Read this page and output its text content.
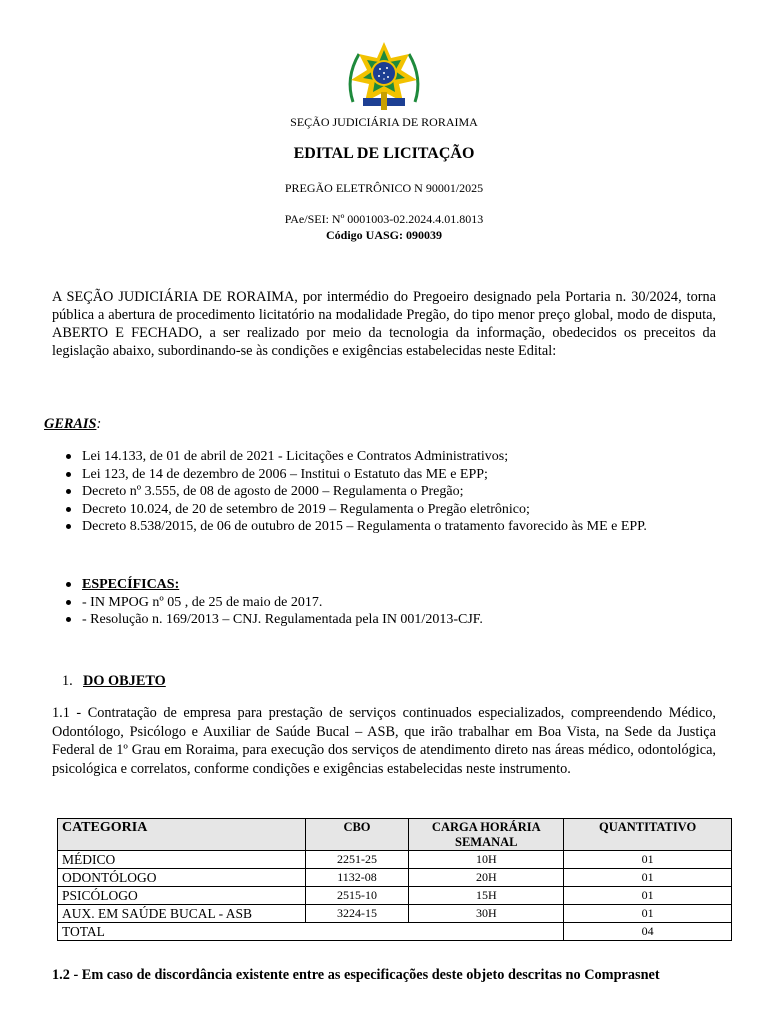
SEÇÃO JUDICIÁRIA DE RORAIMA
EDITAL DE LICITAÇÃO
PREGÃO ELETRÔNICO N 90001/2025
PAe/SEI: Nº 0001003-02.2024.4.01.8013
Código UASG: 090039

A SEÇÃO JUDICIÁRIA DE RORAIMA, por intermédio do Pregoeiro designado pela Portaria n. 30/2024, torna pública a abertura de procedimento licitatório na modalidade Pregão, do tipo menor preço global, modo de disputa, ABERTO E FECHADO, a ser realizado por meio da tecnologia da informação, obedecidos os preceitos da legislação abaixo, subordinando-se às condições e exigências estabelecidas neste Edital:

GERAIS:
Lei 14.133, de 01 de abril de 2021 - Licitações e Contratos Administrativos;
Lei 123, de 14 de dezembro de 2006 – Institui o Estatuto das ME e EPP;
Decreto nº 3.555, de 08 de agosto de 2000 – Regulamenta o Pregão;
Decreto 10.024, de 20 de setembro de 2019 – Regulamenta o Pregão eletrônico;
Decreto 8.538/2015, de 06 de outubro de 2015 – Regulamenta o tratamento favorecido às ME e EPP.
ESPECÍFICAS:
- IN MPOG nº 05 , de 25 de maio de 2017.
- Resolução n. 169/2013 – CNJ. Regulamentada pela IN 001/2013-CJF.
1. DO OBJETO

1.1 - Contratação de empresa para prestação de serviços continuados especializados, compreendendo Médico, Odontólogo, Psicólogo e Auxiliar de Saúde Bucal – ASB, que irão trabalhar em Boa Vista, na Sede da Justiça Federal de 1º Grau em Roraima, para execução dos serviços de atendimento direto nas áreas médico, odontológica, psicológica e correlatos, conforme condições e exigências estabelecidas neste instrumento.

CATEGORIA	CBO	CARGA HORÁRIA SEMANAL	QUANTITATIVO
MÉDICO	2251-25	10H	01
ODONTÓLOGO	1132-08	20H	01
PSICÓLOGO	2515-10	15H	01
AUX. EM SAÚDE BUCAL - ASB	3224-15	30H	01
TOTAL			04
1.2 - Em caso de discordância existente entre as especificações deste objeto descritas no Comprasnet
